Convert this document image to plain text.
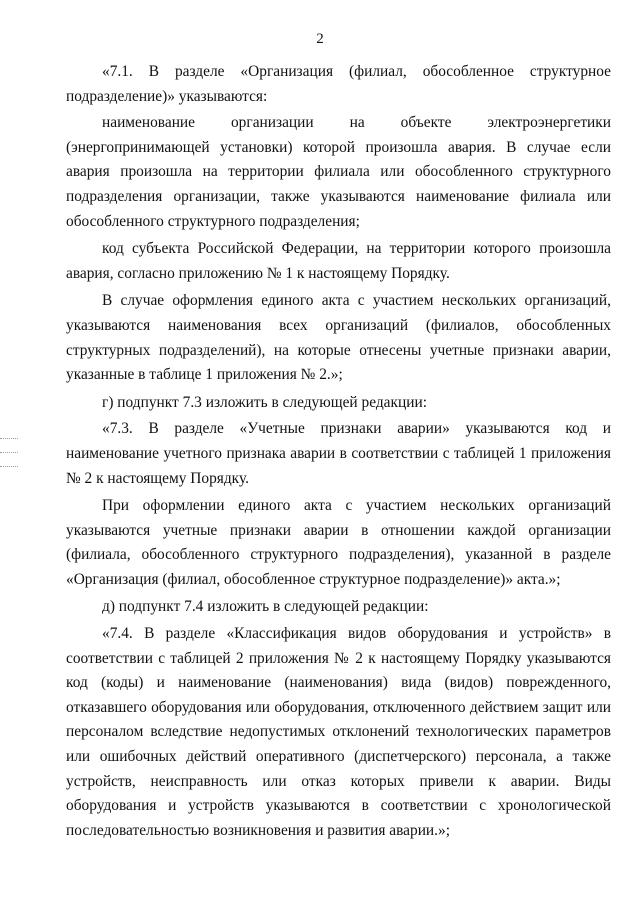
2

«7.1. В разделе «Организация (филиал, обособленное структурное подразделение)» указываются:

наименование организации на объекте электроэнергетики (энергопринимающей установки) которой произошла авария. В случае если авария произошла на территории филиала или обособленного структурного подразделения организации, также указываются наименование филиала или обособленного структурного подразделения;

код субъекта Российской Федерации, на территории которого произошла авария, согласно приложению № 1 к настоящему Порядку.

В случае оформления единого акта с участием нескольких организаций, указываются наименования всех организаций (филиалов, обособленных структурных подразделений), на которые отнесены учетные признаки аварии, указанные в таблице 1 приложения № 2.»;

г) подпункт 7.3 изложить в следующей редакции:

«7.3. В разделе «Учетные признаки аварии» указываются код и наименование учетного признака аварии в соответствии с таблицей 1 приложения № 2 к настоящему Порядку.

При оформлении единого акта с участием нескольких организаций указываются учетные признаки аварии в отношении каждой организации (филиала, обособленного структурного подразделения), указанной в разделе «Организация (филиал, обособленное структурное подразделение)» акта.»;

д) подпункт 7.4 изложить в следующей редакции:

«7.4. В разделе «Классификация видов оборудования и устройств» в соответствии с таблицей 2 приложения № 2 к настоящему Порядку указываются код (коды) и наименование (наименования) вида (видов) поврежденного, отказавшего оборудования или оборудования, отключенного действием защит или персоналом вследствие недопустимых отклонений технологических параметров или ошибочных действий оперативного (диспетчерского) персонала, а также устройств, неисправность или отказ которых привели к аварии. Виды оборудования и устройств указываются в соответствии с хронологической последовательностью возникновения и развития аварии.»;
